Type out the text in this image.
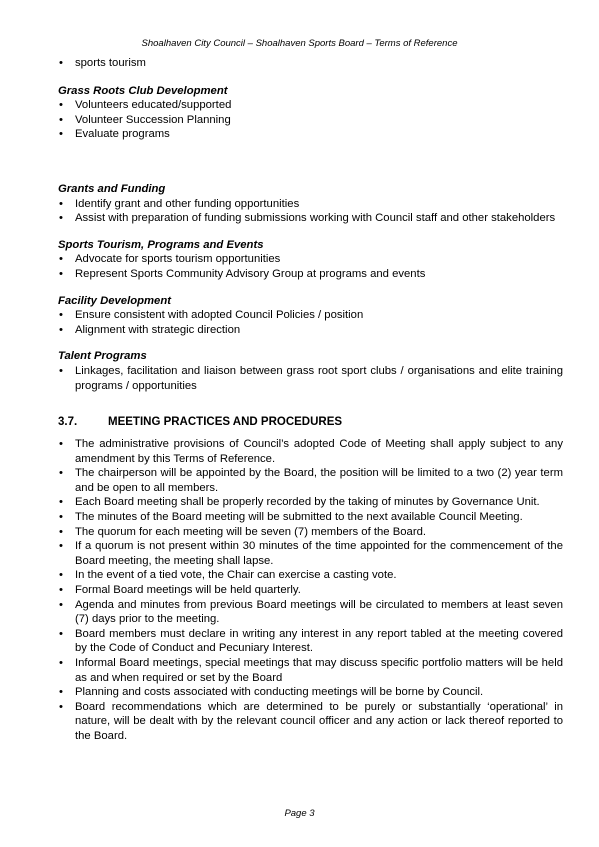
Shoalhaven City Council – Shoalhaven Sports Board – Terms of Reference
• sports tourism
Grass Roots Club Development
• Volunteers educated/supported
• Volunteer Succession Planning
• Evaluate programs
Grants and Funding
• Identify grant and other funding opportunities
• Assist with preparation of funding submissions working with Council staff and other stakeholders
Sports Tourism, Programs and Events
• Advocate for sports tourism opportunities
• Represent Sports Community Advisory Group at programs and events
Facility Development
• Ensure consistent with adopted Council Policies / position
• Alignment with strategic direction
Talent Programs
• Linkages, facilitation and liaison between grass root sport clubs / organisations and elite training programs / opportunities
3.7.	MEETING PRACTICES AND PROCEDURES
• The administrative provisions of Council’s adopted Code of Meeting shall apply subject to any amendment by this Terms of Reference.
• The chairperson will be appointed by the Board, the position will be limited to a two (2) year term and be open to all members.
• Each Board meeting shall be properly recorded by the taking of minutes by Governance Unit.
• The minutes of the Board meeting will be submitted to the next available Council Meeting.
• The quorum for each meeting will be seven (7) members of the Board.
• If a quorum is not present within 30 minutes of the time appointed for the commencement of the Board meeting, the meeting shall lapse.
• In the event of a tied vote, the Chair can exercise a casting vote.
• Formal Board meetings will be held quarterly.
• Agenda and minutes from previous Board meetings will be circulated to members at least seven (7) days prior to the meeting.
• Board members must declare in writing any interest in any report tabled at the meeting covered by the Code of Conduct and Pecuniary Interest.
• Informal Board meetings, special meetings that may discuss specific portfolio matters will be held as and when required or set by the Board
• Planning and costs associated with conducting meetings will be borne by Council.
• Board recommendations which are determined to be purely or substantially ‘operational’ in nature, will be dealt with by the relevant council officer and any action or lack thereof reported to the Board.
Page 3
